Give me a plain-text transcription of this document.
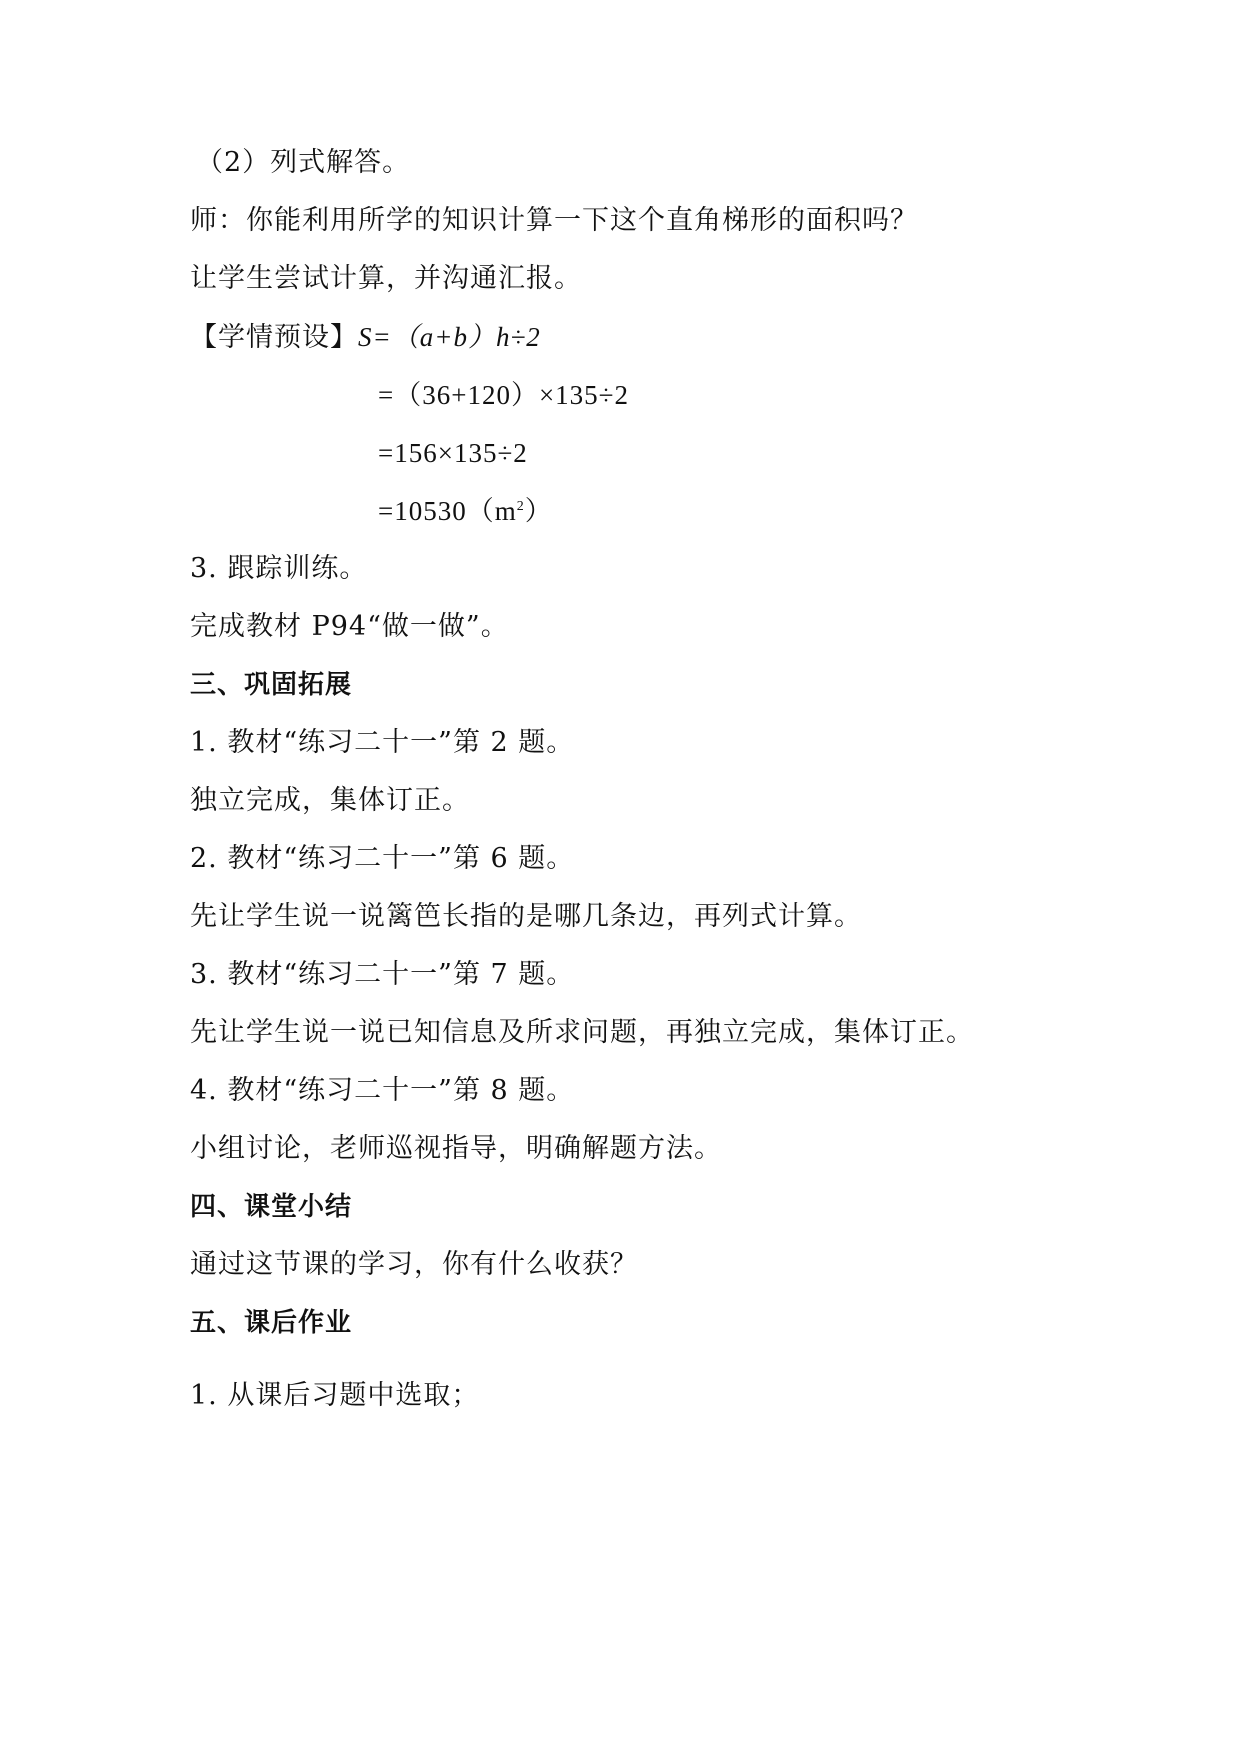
（2）列式解答。
师：你能利用所学的知识计算一下这个直角梯形的面积吗？
让学生尝试计算，并沟通汇报。
【学情预设】S=（a+b）h÷2
=（36+120）×135÷2
=156×135÷2
$=10530(m^2)$
3. 跟踪训练。
完成教材 P94“做一做”。
三、巩固拓展
1. 教材“练习二十一”第 2 题。
独立完成，集体订正。
2. 教材“练习二十一”第 6 题。
先让学生说一说篱笆长指的是哪几条边，再列式计算。
3. 教材“练习二十一”第 7 题。
先让学生说一说已知信息及所求问题，再独立完成，集体订正。
4. 教材“练习二十一”第 8 题。
小组讨论，老师巡视指导，明确解题方法。
四、课堂小结
通过这节课的学习，你有什么收获？
五、课后作业
1. 从课后习题中选取；
